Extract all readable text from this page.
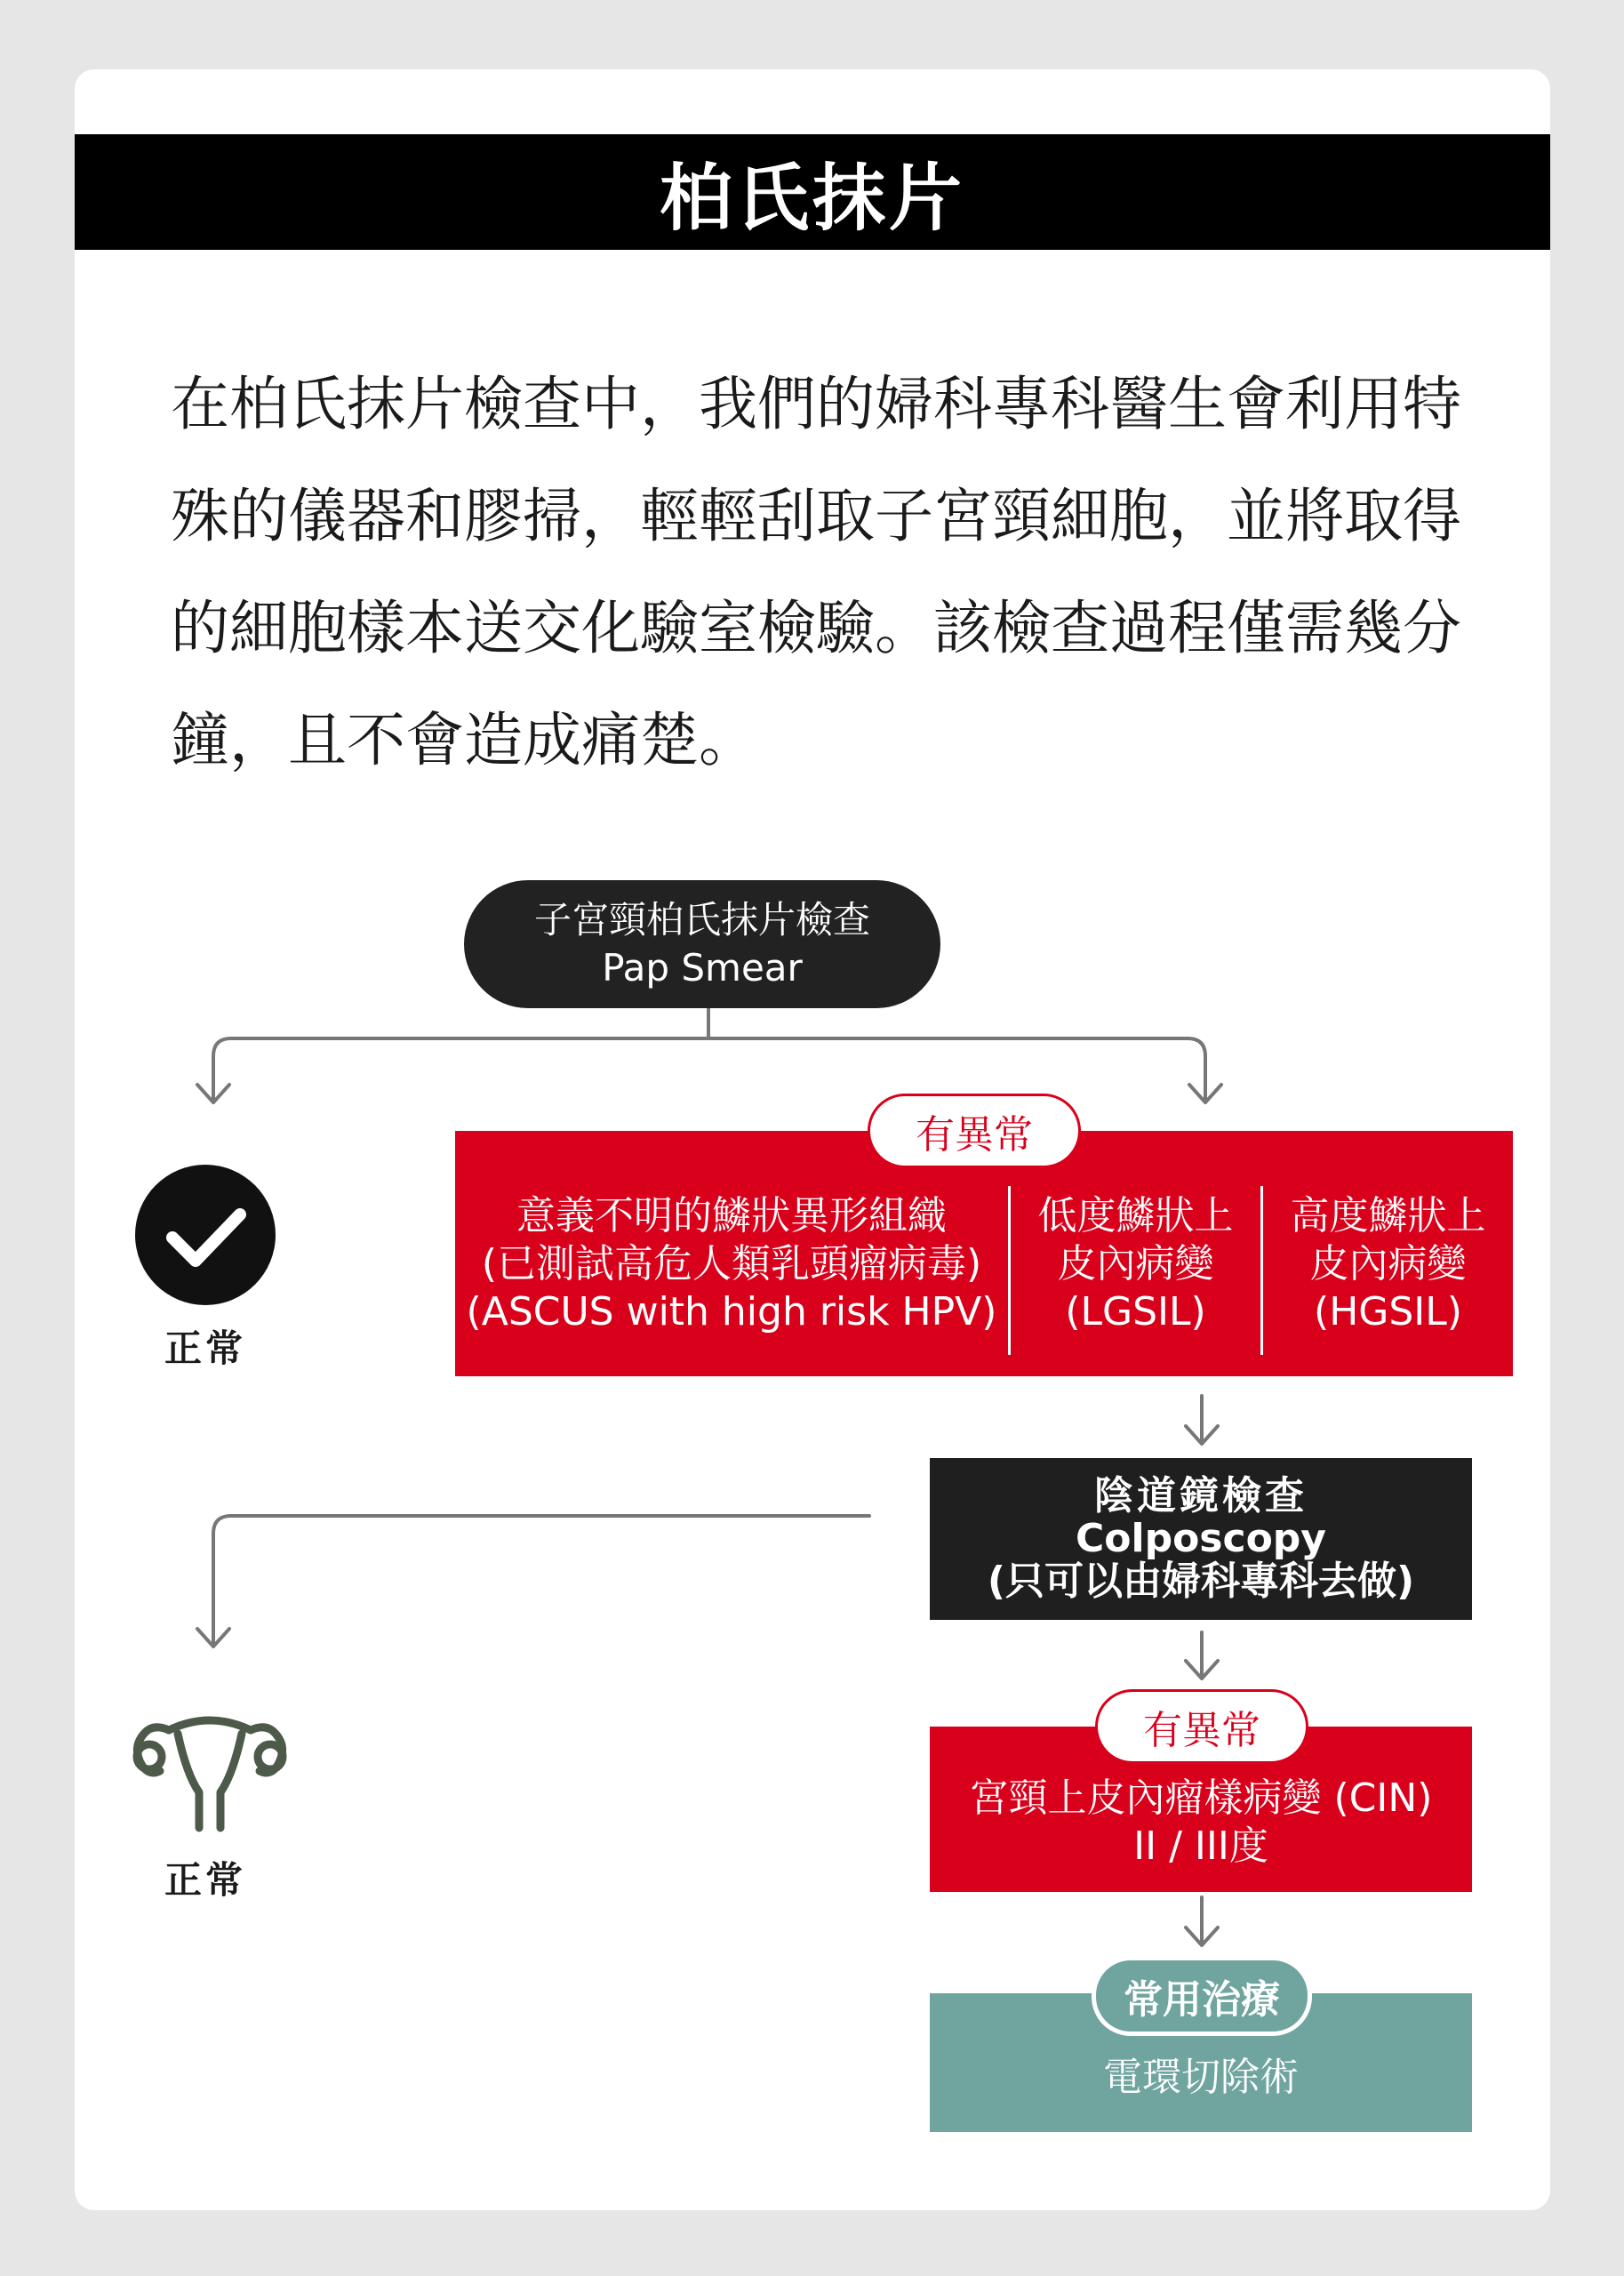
柏氏抹片

在柏氏抹片檢查中，我們的婦科專科醫生會利用特殊的儀器和膠掃，輕輕刮取子宮頸細胞，並將取得的細胞樣本送交化驗室檢驗。該檢查過程僅需幾分鐘，且不會造成痛楚。

子宮頸柏氏抹片檢查
Pap Smear
正常
意義不明的鱗狀異形組織
(已測試高危人類乳頭瘤病毒)
(ASCUS with high risk HPV)
低度鱗狀上
皮內病變
(LGSIL)
高度鱗狀上
皮內病變
(HGSIL)
有異常
陰道鏡檢查
Colposcopy
(只可以由婦科專科去做)
正常
宮頸上皮內瘤樣病變 (CIN)
II / III度
有異常
電環切除術
常用治療
